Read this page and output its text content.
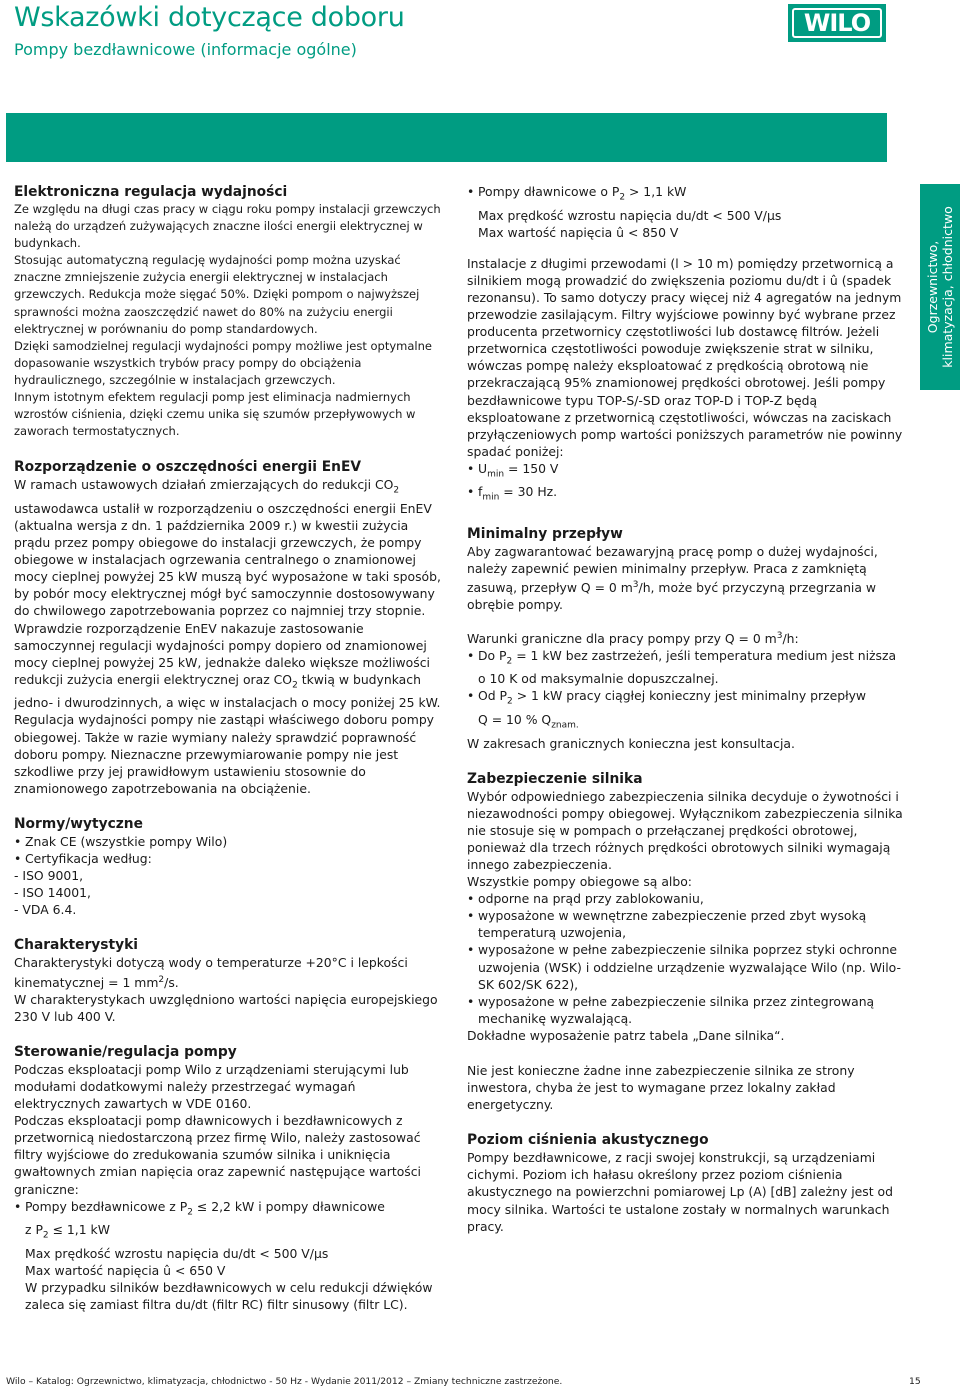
Wskazówki dotyczące doboru
Pompy bezdławnicowe (informacje ogólne)
WILO
Ogrzewnictwo,
klimatyzacja, chłodnictwo
Elektroniczna regulacja wydajności

Ze względu na długi czas pracy w ciągu roku pompy instalacji grzewczych należą do urządzeń zużywających znaczne ilości energii elektrycznej w budynkach.

Stosując automatyczną regulację wydajności pomp można uzyskać znaczne zmniejszenie zużycia energii elektrycznej w instalacjach grzewczych. Redukcja może sięgać 50%. Dzięki pompom o najwyższej sprawności można zaoszczędzić nawet do 80% na zużyciu energii elektrycznej w porównaniu do pomp standardowych.

Dzięki samodzielnej regulacji wydajności pompy możliwe jest optymalne dopasowanie wszystkich trybów pracy pompy do obciążenia hydraulicznego, szczególnie w instalacjach grzewczych.

Innym istotnym efektem regulacji pomp jest eliminacja nadmiernych wzrostów ciśnienia, dzięki czemu unika się szumów przepływowych w zaworach termostatycznych.

Rozporządzenie o oszczędności energii EnEV

W ramach ustawowych działań zmierzających do redukcji $CO_2$ ustawodawca ustalił w rozporządzeniu o oszczędności energii EnEV (aktualna wersja z dn. 1 października 2009 r.) w kwestii zużycia prądu przez pompy obiegowe do instalacji grzewczych, że pompy obiegowe w instalacjach ogrzewania centralnego o znamionowej mocy cieplnej powyżej 25 kW muszą być wyposażone w taki sposób, by pobór mocy elektrycznej mógł być samoczynnie dostosowywany do chwilowego zapotrzebowania poprzez co najmniej trzy stopnie.

Wprawdzie rozporządzenie EnEV nakazuje zastosowanie samoczynnej regulacji wydajności pompy dopiero od znamionowej mocy cieplnej powyżej 25 kW, jednakże daleko większe możliwości redukcji zużycia energii elektrycznej oraz $CO_2$ tkwią w budynkach jedno- i dwurodzinnych, a więc w instalacjach o mocy poniżej 25 kW.

Regulacja wydajności pompy nie zastąpi właściwego doboru pompy obiegowej. Także w razie wymiany należy sprawdzić poprawność doboru pompy. Nieznaczne przewymiarowanie pompy nie jest szkodliwe przy jej prawidłowym ustawieniu stosownie do znamionowego zapotrzebowania na obciążenie.

Normy/wytyczne
• Znak CE (wszystkie pompy Wilo)
• Certyfikacja według:
- ISO 9001,
- ISO 14001,
- VDA 6.4.
Charakterystyki

Charakterystyki dotyczą wody o temperaturze +20°C i lepkości kinematycznej = 1 $mm^2/s$.

W charakterystykach uwzględniono wartości napięcia europejskiego 230 V lub 400 V.

Sterowanie/regulacja pompy

Podczas eksploatacji pomp Wilo z urządzeniami sterującymi lub modułami dodatkowymi należy przestrzegać wymagań elektrycznych zawartych w VDE 0160.

Podczas eksploatacji pomp dławnicowych i bezdławnicowych z przetwornicą niedostarczoną przez firmę Wilo, należy zastosować filtry wyjściowe do zredukowania szumów silnika i uniknięcia gwałtownych zmian napięcia oraz zapewnić następujące wartości graniczne:

• Pompy bezdławnicowe z $P_2 \le 2,2$ kW i pompy dławnicowe
z $P_2 \le 1,1$ kW
Max prędkość wzrostu napięcia du/dt < 500 V/µs
Max wartość napięcia û < 650 V
W przypadku silników bezdławnicowych w celu redukcji dźwięków zaleca się zamiast filtra du/dt (filtr RC) filtr sinusowy (filtr LC).
• Pompy dławnicowe o $P_2 > 1,1$ kW
Max prędkość wzrostu napięcia du/dt < 500 V/µs
Max wartość napięcia û < 850 V

Instalacje z długimi przewodami (l > 10 m) pomiędzy przetwornicą a silnikiem mogą prowadzić do zwiększenia poziomu du/dt i û (spadek rezonansu). To samo dotyczy pracy więcej niż 4 agregatów na jednym przewodzie zasilającym. Filtry wyjściowe powinny być wybrane przez producenta przetwornicy częstotliwości lub dostawcę filtrów. Jeżeli przetwornica częstotliwości powoduje zwiększenie strat w silniku, wówczas pompę należy eksploatować z prędkością obrotową nie przekraczającą 95% znamionowej prędkości obrotowej. Jeśli pompy bezdławnicowe typu TOP-S/-SD oraz TOP-D i TOP-Z będą eksploatowane z przetwornicą częstotliwości, wówczas na zaciskach przyłączeniowych pomp wartości poniższych parametrów nie powinny spadać poniżej:

• $U_{min} = 150$ V
• $f_{min} = 30$ Hz.
Minimalny przepływ

Aby zagwarantować bezawaryjną pracę pomp o dużej wydajności, należy zapewnić pewien minimalny przepływ. Praca z zamkniętą zasuwą, przepływ Q = 0 $m^3/h$, może być przyczyną przegrzania w obrębie pompy.

Warunki graniczne dla pracy pompy przy Q = 0 $m^3/h$:

• Do $P_2 = 1$ kW bez zastrzeżeń, jeśli temperatura medium jest niższa o 10 K od maksymalnie dopuszczalnej.
• Od $P_2 > 1$ kW pracy ciągłej konieczny jest minimalny przepływ
Q = 10 % $Q_{znam.}$

W zakresach granicznych konieczna jest konsultacja.

Zabezpieczenie silnika

Wybór odpowiedniego zabezpieczenia silnika decyduje o żywotności i niezawodności pompy obiegowej. Wyłącznikom zabezpieczenia silnika nie stosuje się w pompach o przełączanej prędkości obrotowej, ponieważ dla trzech różnych prędkości obrotowych silniki wymagają innego zabezpieczenia.

Wszystkie pompy obiegowe są albo:

• odporne na prąd przy zablokowaniu,
• wyposażone w wewnętrzne zabezpieczenie przed zbyt wysoką temperaturą uzwojenia,
• wyposażone w pełne zabezpieczenie silnika poprzez styki ochronne uzwojenia (WSK) i oddzielne urządzenie wyzwalające Wilo (np. Wilo-SK 602/SK 622),
• wyposażone w pełne zabezpieczenie silnika przez zintegrowaną mechanikę wyzwalającą.

Dokładne wyposażenie patrz tabela „Dane silnika“.

Nie jest konieczne żadne inne zabezpieczenie silnika ze strony inwestora, chyba że jest to wymagane przez lokalny zakład energetyczny.

Poziom ciśnienia akustycznego

Pompy bezdławnicowe, z racji swojej konstrukcji, są urządzeniami cichymi. Poziom ich hałasu określony przez poziom ciśnienia akustycznego na powierzchni pomiarowej Lp (A) [dB] zależny jest od mocy silnika. Wartości te ustalone zostały w normalnych warunkach pracy.

Wilo – Katalog: Ogrzewnictwo, klimatyzacja, chłodnictwo - 50 Hz - Wydanie 2011/2012 – Zmiany techniczne zastrzeżone.	15
